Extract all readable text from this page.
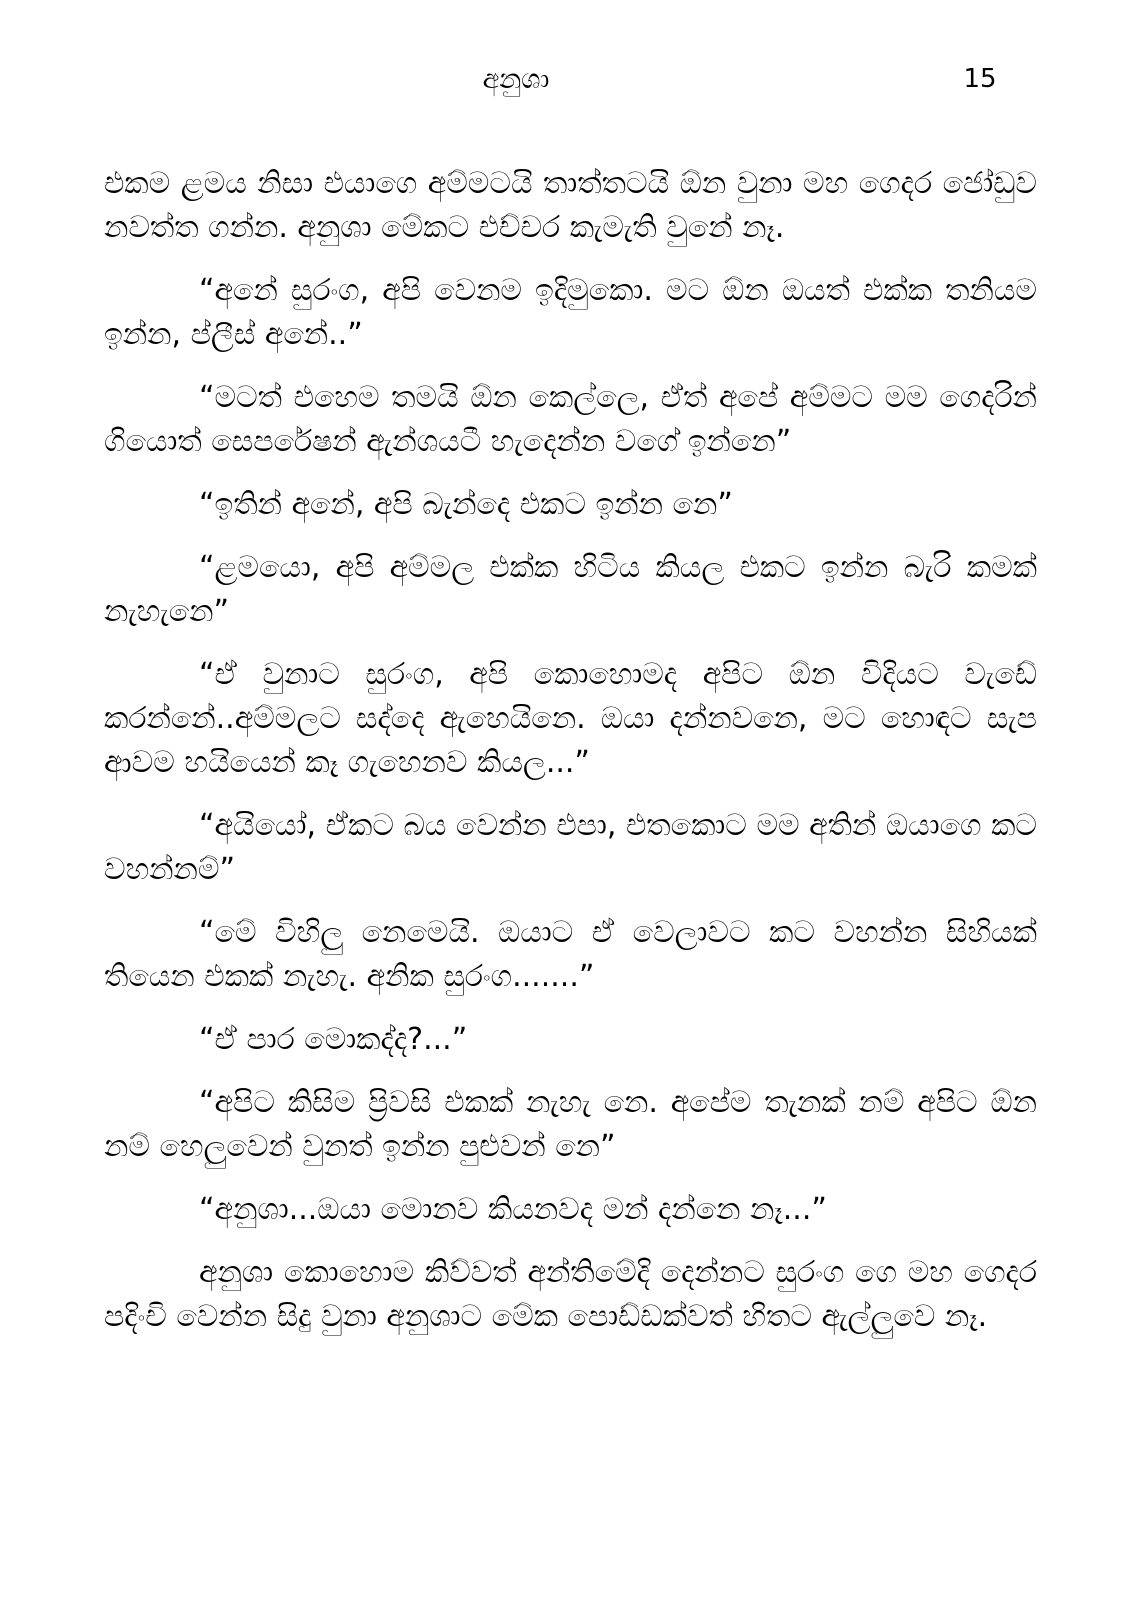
අනුශා	15

එකම ළමය නිසා එයාගෙ අම්මටයි තාත්තටයි ඕන වුනා මහ ගෙදර ජෝඩුව නවත්ත ගන්න. අනුශා මේකට එච්චර කැමැති වුනේ නෑ.

“අනේ සුරංග, අපි වෙනම ඉදිමුකො. මට ඕන ඔයත් එක්ක තනියම ඉන්න, ප්ලීස් අනේ..”

“මටත් එහෙම තමයි ඕන කෙල්ලෙ, ඒත් අපේ අම්මට මම ගෙදරින් ගියොත් සෙපරේෂන් ඇන්ශයටී හැදෙන්න වගේ ඉන්නෙ”

“ඉතින් අනේ, අපි බැන්දෙ එකට ඉන්න නෙ”

“ළමයො, අපි අම්මල එක්ක හිටිය කියල එකට ඉන්න බැරි කමක් නැහැනෙ”

“ඒ වුනාට සුරංග, අපි කොහොමද අපිට ඕන විදියට වැඩේ කරන්නේ..අම්මලට සද්දෙ ඇහෙයිනෙ. ඔයා දන්නවනෙ, මට හොඳට සැප ආවම හයියෙන් කෑ ගැහෙනව කියල...”

“අයියෝ, ඒකට බය වෙන්න එපා, එතකොට මම අතින් ඔයාගෙ කට වහන්නම්”

“මේ විහිලු නෙමෙයි. ඔයාට ඒ වෙලාවට කට වහන්න සිහියක් තියෙන එකක් නැහැ. අනික සුරංග.......”

“ඒ පාර මොකද්ද?...”

“අපිට කිසිම ප්‍රිවසි එකක් නැහැ නෙ. අපේම තැනක් නම් අපිට ඕන නම් හෙලුවෙන් වුනත් ඉන්න පුළුවන් නෙ”

“අනුශා...ඔයා මොනව කියනවද මන් දන්නෙ නෑ...”

අනුශා කොහොම කිව්වත් අන්තිමේදි දෙන්නට සුරංග ගෙ මහ ගෙදර පදිංචි වෙන්න සිදු වුනා අනුශාට මේක පොඩ්ඩක්වත් හිතට ඇල්ලුවෙ නෑ.
